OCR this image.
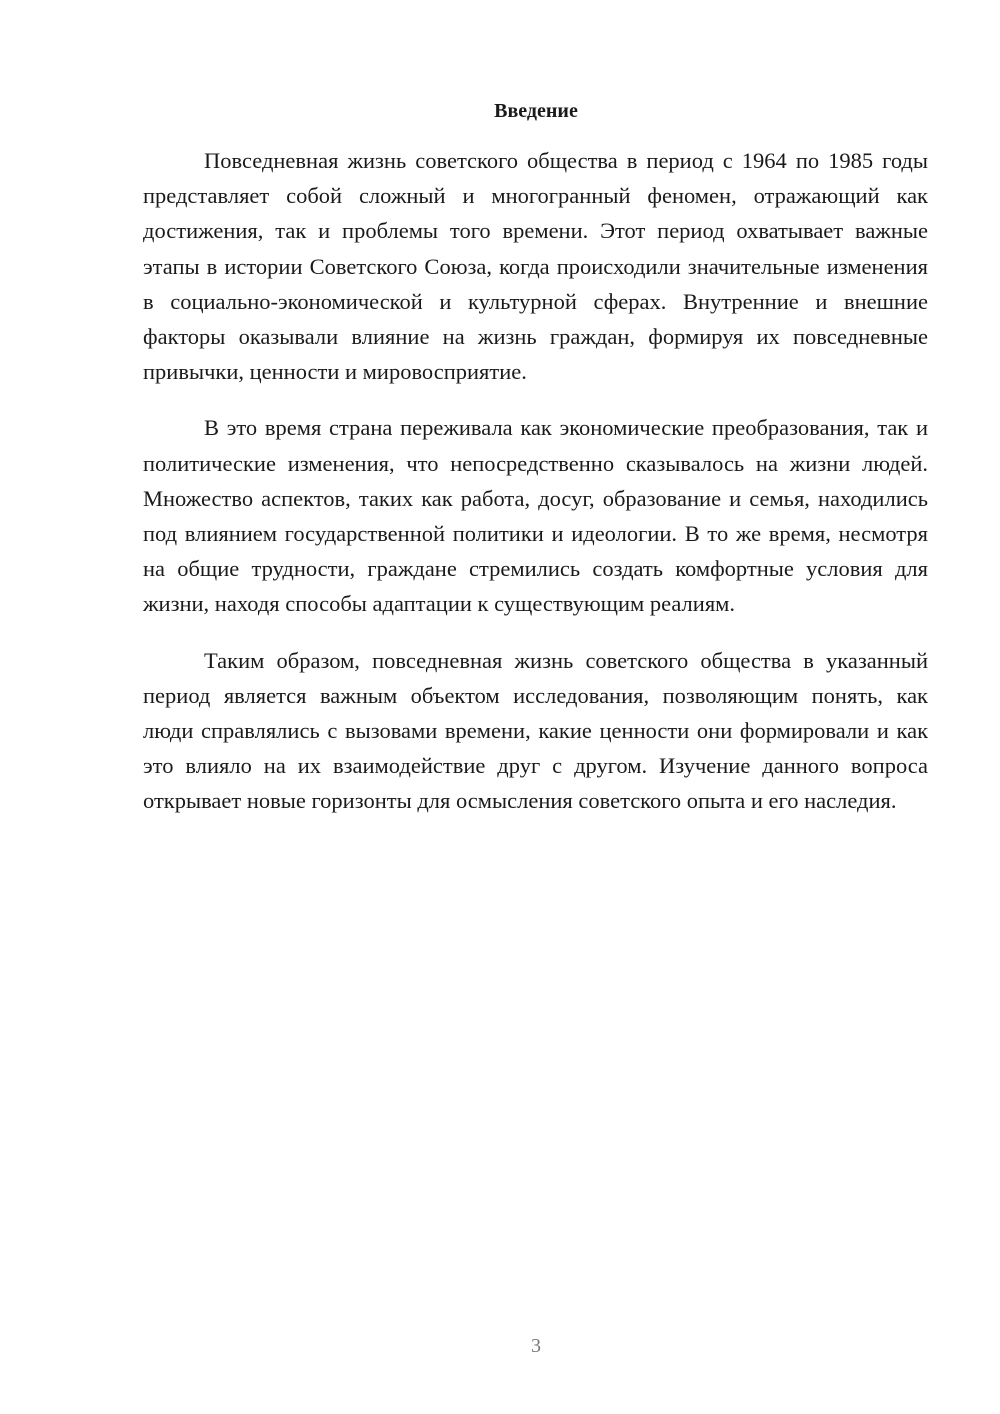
Введение

Повседневная жизнь советского общества в период с 1964 по 1985 годы представляет собой сложный и многогранный феномен, отражающий как достижения, так и проблемы того времени. Этот период охватывает важные этапы в истории Советского Союза, когда происходили значительные изменения в социально-экономической и культурной сферах. Внутренние и внешние факторы оказывали влияние на жизнь граждан, формируя их повседневные привычки, ценности и мировосприятие.

В это время страна переживала как экономические преобразования, так и политические изменения, что непосредственно сказывалось на жизни людей. Множество аспектов, таких как работа, досуг, образование и семья, находились под влиянием государственной политики и идеологии. В то же время, несмотря на общие трудности, граждане стремились создать комфортные условия для жизни, находя способы адаптации к существующим реалиям.

Таким образом, повседневная жизнь советского общества в указанный период является важным объектом исследования, позволяющим понять, как люди справлялись с вызовами времени, какие ценности они формировали и как это влияло на их взаимодействие друг с другом. Изучение данного вопроса открывает новые горизонты для осмысления советского опыта и его наследия.

3
